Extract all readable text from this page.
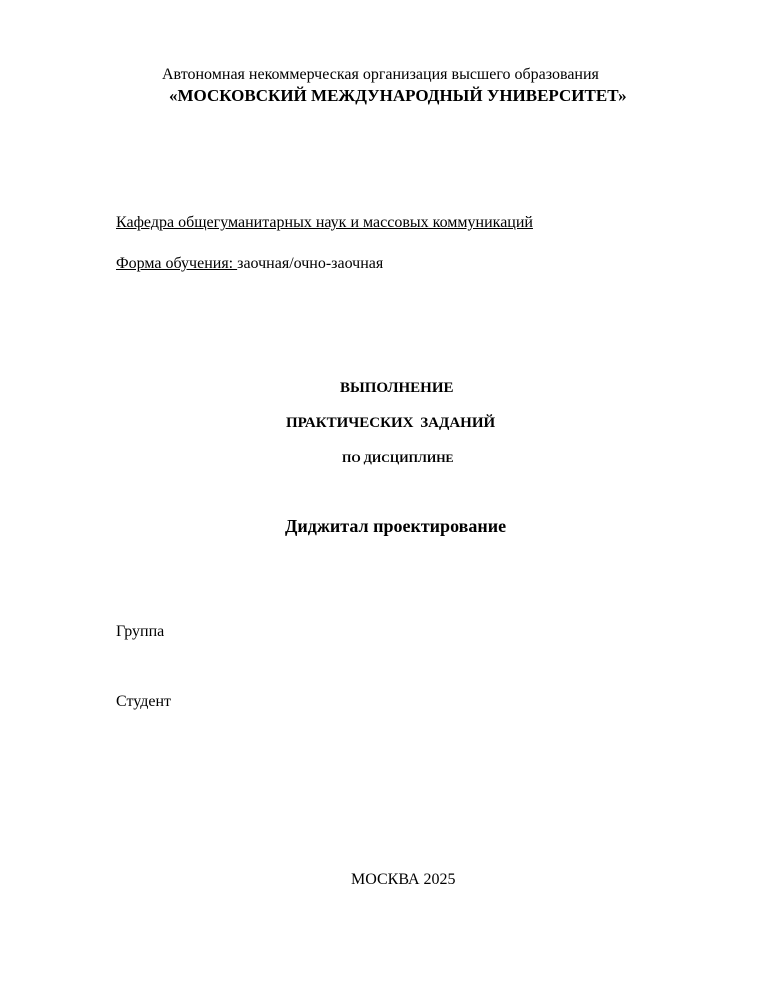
Автономная некоммерческая организация высшего образования
«МОСКОВСКИЙ МЕЖДУНАРОДНЫЙ УНИВЕРСИТЕТ»
Кафедра общегуманитарных наук и массовых коммуникаций
Форма обучения: заочная/очно-заочная
ВЫПОЛНЕНИЕ
ПРАКТИЧЕСКИХ ЗАДАНИЙ
ПО ДИСЦИПЛИНЕ
Диджитал проектирование
Группа
Студент
МОСКВА 2025
